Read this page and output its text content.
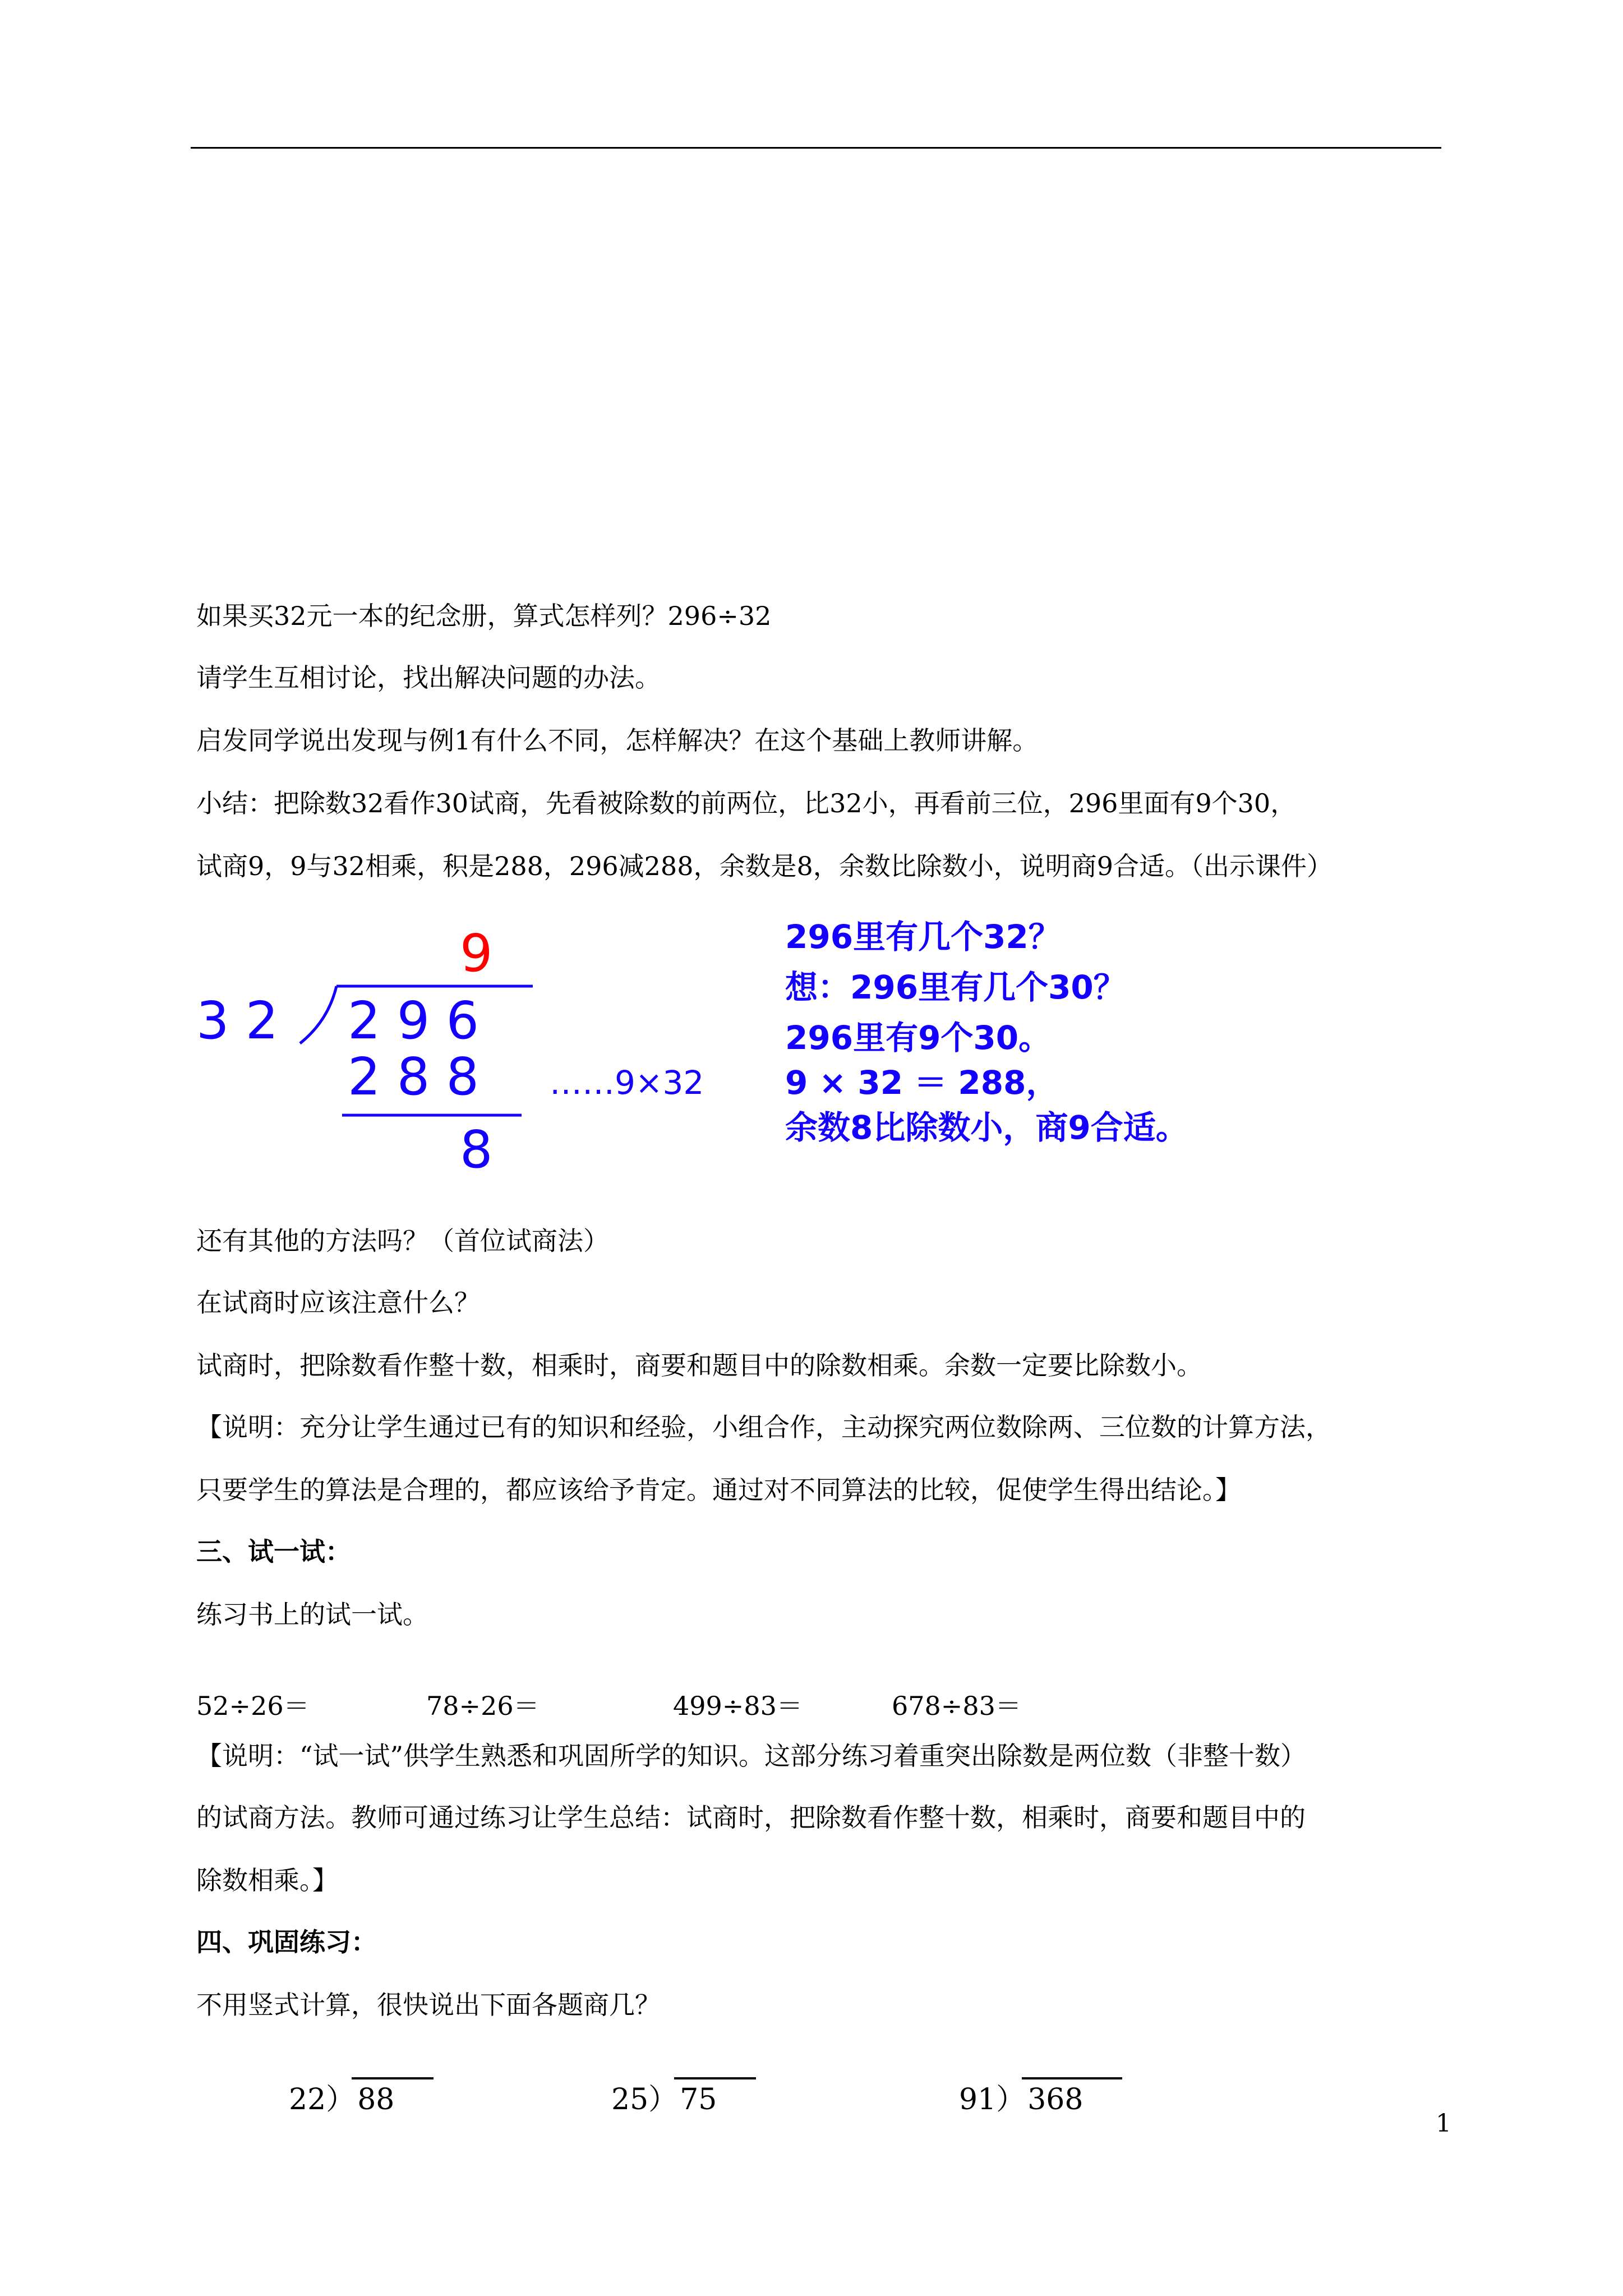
如果买32元一本的纪念册，算式怎样列？296÷32
请学生互相讨论，找出解决问题的办法。
启发同学说出发现与例1有什么不同，怎样解决？在这个基础上教师讲解。
小结：把除数32看作30试商，先看被除数的前两位，比32小，再看前三位，296里面有9个30，
试商9，9与32相乘，积是288，296减288，余数是8，余数比除数小，说明商9合适。（出示课件）
9
3 2 2 9 6
2 8 8
8
……9×32
296里有几个32？
想：296里有几个30？
296里有9个30。
9 × 32 ＝ 288，
余数8比除数小，商9合适。
还有其他的方法吗？（首位试商法）
在试商时应该注意什么？
试商时，把除数看作整十数，相乘时，商要和题目中的除数相乘。余数一定要比除数小。
【说明：充分让学生通过已有的知识和经验，小组合作，主动探究两位数除两、三位数的计算方法，
只要学生的算法是合理的，都应该给予肯定。通过对不同算法的比较，促使学生得出结论。】
三、试一试：
练习书上的试一试。
52÷26＝	78÷26＝	499÷83＝	678÷83＝
【说明：“试一试”供学生熟悉和巩固所学的知识。这部分练习着重突出除数是两位数（非整十数）
的试商方法。教师可通过练习让学生总结：试商时，把除数看作整十数，相乘时，商要和题目中的
除数相乘。】
四、巩固练习：
不用竖式计算，很快说出下面各题商几？
22）88	25）75	91）368
1
